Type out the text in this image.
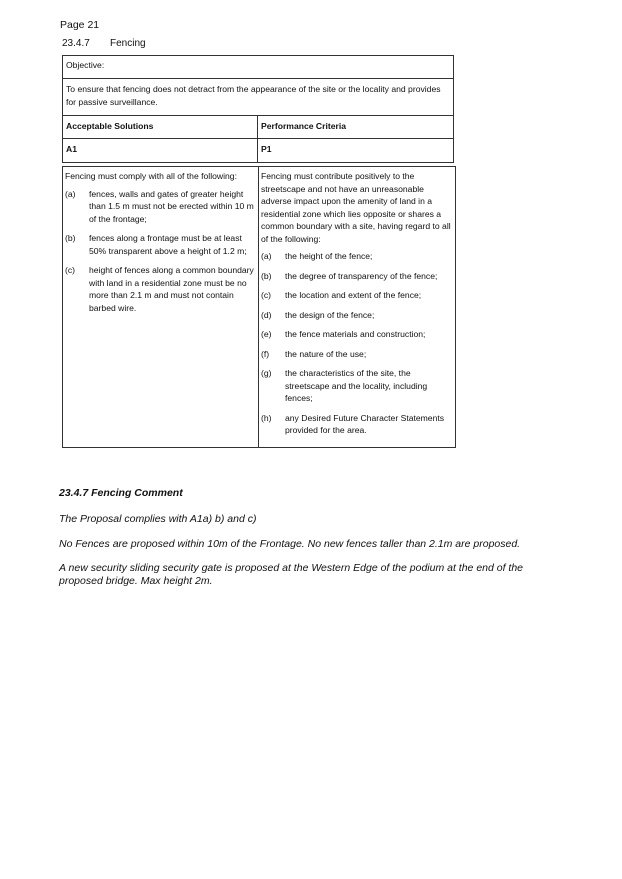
Page 21
23.4.7 Fencing
Objective:
To ensure that fencing does not detract from the appearance of the site or the locality and provides for passive surveillance.
Acceptable Solutions	Performance Criteria
A1	P1
Fencing must comply with all of the following:
(a)	fences, walls and gates of greater height than 1.5 m must not be erected within 10 m of the frontage;
(b)	fences along a frontage must be at least 50% transparent above a height of 1.2 m;
(c)	height of fences along a common boundary with land in a residential zone must be no more than 2.1 m and must not contain barbed wire.
Fencing must contribute positively to the streetscape and not have an unreasonable adverse impact upon the amenity of land in a residential zone which lies opposite or shares a common boundary with a site, having regard to all of the following:
(a)	the height of the fence;
(b)	the degree of transparency of the fence;
(c)	the location and extent of the fence;
(d)	the design of the fence;
(e)	the fence materials and construction;
(f)	the nature of the use;
(g)	the characteristics of the site, the streetscape and the locality, including fences;
(h)	any Desired Future Character Statements provided for the area.
23.4.7 Fencing Comment
The Proposal complies with A1a) b) and c)
No Fences are proposed within 10m of the Frontage. No new fences taller than 2.1m are proposed.
A new security sliding security gate is proposed at the Western Edge of the podium at the end of the proposed bridge. Max height 2m.
